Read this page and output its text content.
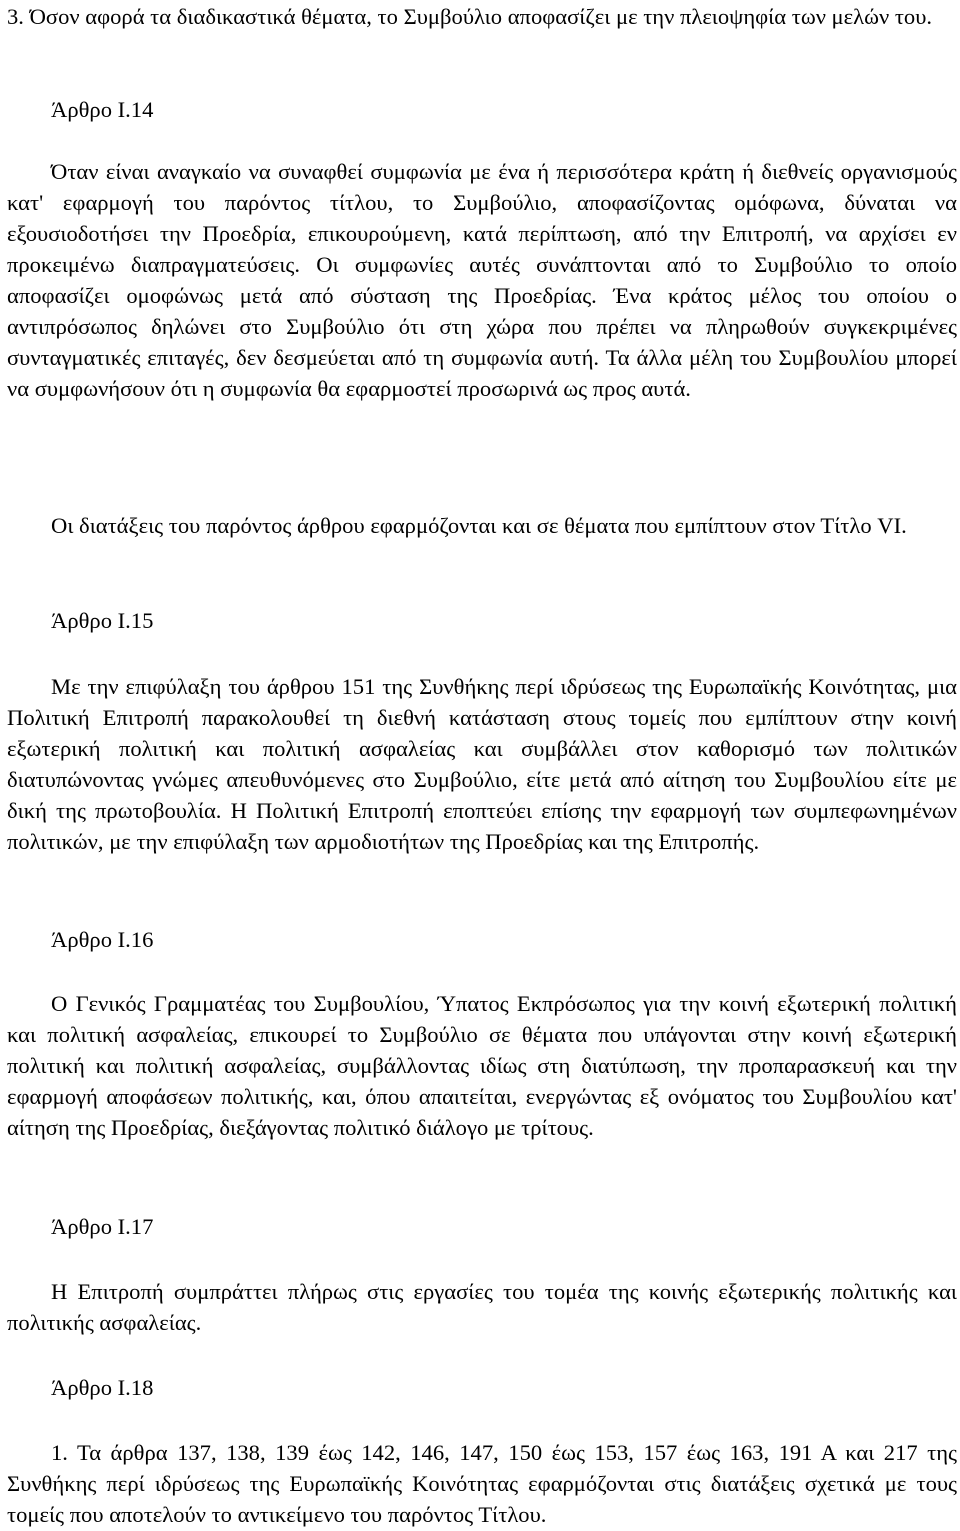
3. Όσον αφορά τα διαδικαστικά θέματα, το Συμβούλιο αποφασίζει με την πλειοψηφία των μελών του.

Άρθρο Ι.14

Όταν είναι αναγκαίο να συναφθεί συμφωνία με ένα ή περισσότερα κράτη ή διεθνείς οργανισμούς κατ' εφαρμογή του παρόντος τίτλου, το Συμβούλιο, αποφασίζοντας ομόφωνα, δύναται να εξουσιοδοτήσει την Προεδρία, επικουρούμενη, κατά περίπτωση, από την Επιτροπή, να αρχίσει εν προκειμένω διαπραγματεύσεις. Οι συμφωνίες αυτές συνάπτονται από το Συμβούλιο το οποίο αποφασίζει ομοφώνως μετά από σύσταση της Προεδρίας. Ένα κράτος μέλος του οποίου ο αντιπρόσωπος δηλώνει στο Συμβούλιο ότι στη χώρα που πρέπει να πληρωθούν συγκεκριμένες συνταγματικές επιταγές, δεν δεσμεύεται από τη συμφωνία αυτή. Τα άλλα μέλη του Συμβουλίου μπορεί να συμφωνήσουν ότι η συμφωνία θα εφαρμοστεί προσωρινά ως προς αυτά.

Οι διατάξεις του παρόντος άρθρου εφαρμόζονται και σε θέματα που εμπίπτουν στον Τίτλο VI.

Άρθρο Ι.15

Με την επιφύλαξη του άρθρου 151 της Συνθήκης περί ιδρύσεως της Ευρωπαϊκής Κοινότητας, μια Πολιτική Επιτροπή παρακολουθεί τη διεθνή κατάσταση στους τομείς που εμπίπτουν στην κοινή εξωτερική πολιτική και πολιτική ασφαλείας και συμβάλλει στον καθορισμό των πολιτικών διατυπώνοντας γνώμες απευθυνόμενες στο Συμβούλιο, είτε μετά από αίτηση του Συμβουλίου είτε με δική της πρωτοβουλία. Η Πολιτική Επιτροπή εποπτεύει επίσης την εφαρμογή των συμπεφωνημένων πολιτικών, με την επιφύλαξη των αρμοδιοτήτων της Προεδρίας και της Επιτροπής.

Άρθρο Ι.16

Ο Γενικός Γραμματέας του Συμβουλίου, Ύπατος Εκπρόσωπος για την κοινή εξωτερική πολιτική και πολιτική ασφαλείας, επικουρεί το Συμβούλιο σε θέματα που υπάγονται στην κοινή εξωτερική πολιτική και πολιτική ασφαλείας, συμβάλλοντας ιδίως στη διατύπωση, την προπαρασκευή και την εφαρμογή αποφάσεων πολιτικής, και, όπου απαιτείται, ενεργώντας εξ ονόματος του Συμβουλίου κατ' αίτηση της Προεδρίας, διεξάγοντας πολιτικό διάλογο με τρίτους.

Άρθρο Ι.17

Η Επιτροπή συμπράττει πλήρως στις εργασίες του τομέα της κοινής εξωτερικής πολιτικής και πολιτικής ασφαλείας.

Άρθρο Ι.18

1. Τα άρθρα 137, 138, 139 έως 142, 146, 147, 150 έως 153, 157 έως 163, 191 Α και 217 της Συνθήκης περί ιδρύσεως της Ευρωπαϊκής Κοινότητας εφαρμόζονται στις διατάξεις σχετικά με τους τομείς που αποτελούν το αντικείμενο του παρόντος Τίτλου.
